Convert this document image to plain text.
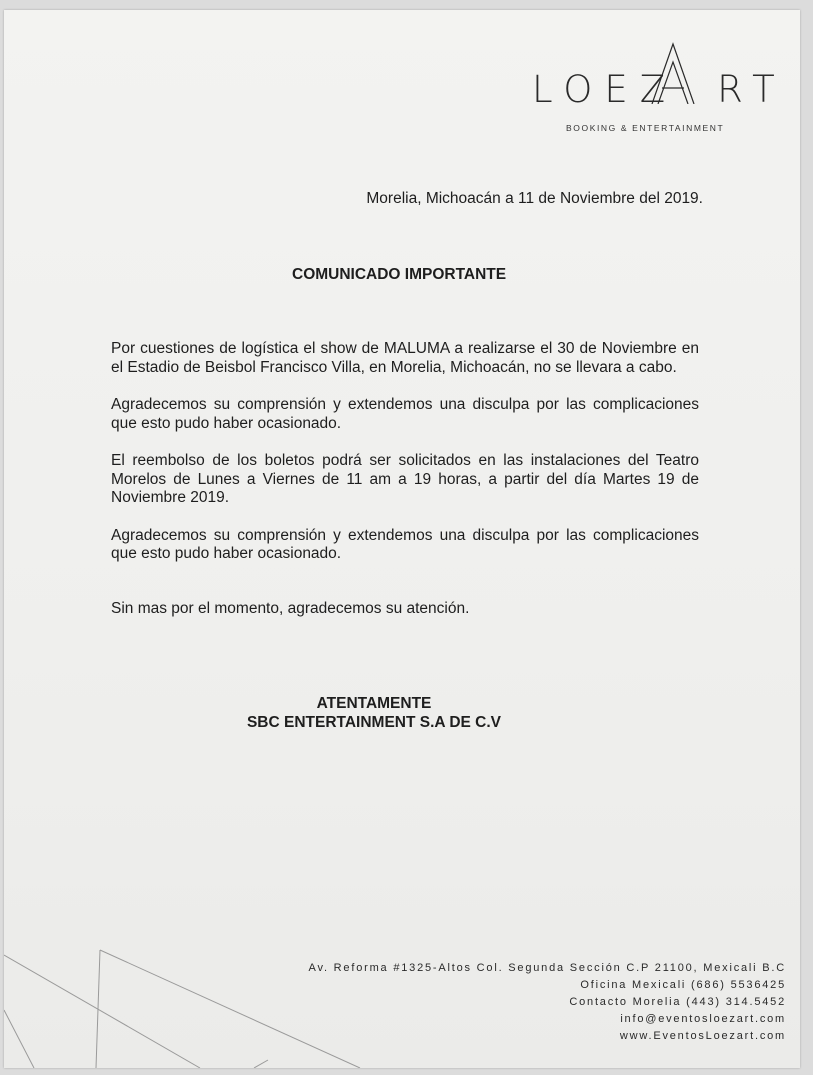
LOEZ RT
BOOKING & ENTERTAINMENT
Morelia, Michoacán a 11 de Noviembre del 2019.
COMUNICADO IMPORTANTE

Por cuestiones de logística el show de MALUMA a realizarse el 30 de Noviembre en el Estadio de Beisbol Francisco Villa, en Morelia, Michoacán, no se llevara a cabo.

Agradecemos su comprensión y extendemos una disculpa por las complicaciones que esto pudo haber ocasionado.

El reembolso de los boletos podrá ser solicitados en las instalaciones del Teatro Morelos de Lunes a Viernes de 11 am a 19 horas, a partir del día Martes 19 de Noviembre 2019.

Agradecemos su comprensión y extendemos una disculpa por las complicaciones que esto pudo haber ocasionado.

Sin mas por el momento, agradecemos su atención.

ATENTAMENTE
SBC ENTERTAINMENT S.A DE C.V
Av. Reforma #1325-Altos Col. Segunda Sección C.P 21100, Mexicali B.C
Oficina Mexicali (686) 5536425
Contacto Morelia (443) 314.5452
info@eventosloezart.com
www.EventosLoezart.com
